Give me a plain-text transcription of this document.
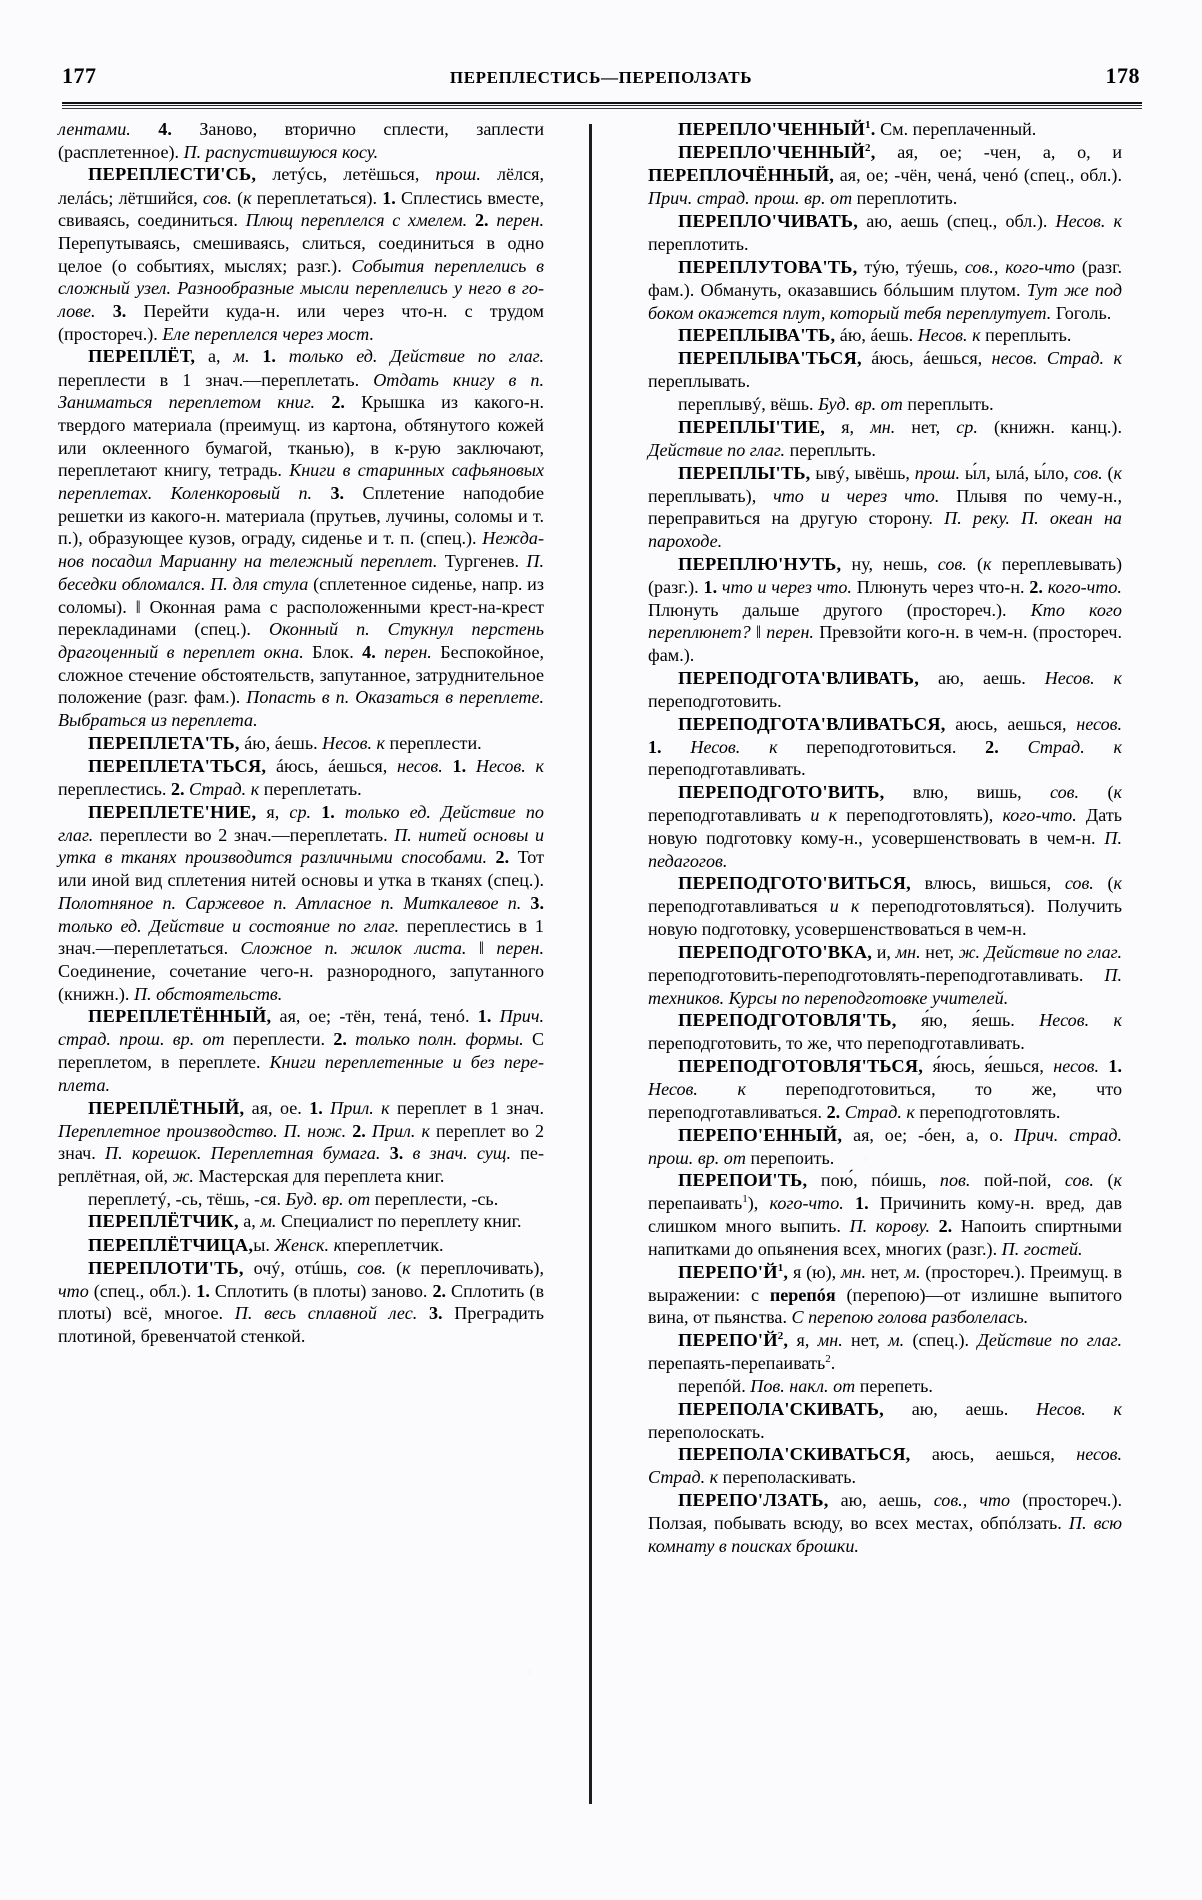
177	ПЕРЕПЛЕСТИСЬ—ПЕРЕПОЛЗАТЬ	178

лентами. 4. Заново, вторично сплести, заплести (расплетенное). П. распустившуюся косу.

ПЕРЕПЛЕСТИ'СЬ, летýсь, летёшься, прош. лёлся, лелáсь; лётшийся, сов. (к переплетаться). 1. Сплестись вместе, свиваясь, соединиться. Плющ переплелся с хмелем. 2. перен. Перепутываясь, смешиваясь, слиться, соединиться в одно целое (о событиях, мыслях; разг.). События переплелись в сложный узел. Разнообразные мысли переплелись у него в голове. 3. Перейти куда-н. или через что-н. с трудом (простореч.). Еле переплелся через мост.

ПЕРЕПЛЁТ, а, м. 1. только ед. Действие по глаг. переплести в 1 знач.—переплетать. Отдать книгу в п. Заниматься переплетом книг. 2. Крышка из какого-н. твердого материала (преимущ. из картона, обтянутого кожей или оклеенного бумагой, тканью), в к-рую заключают, переплетают книгу, тетрадь. Книги в старинных сафьяновых переплетах. Коленкоровый п. 3. Сплетение наподобие решетки из какого-н. материала (прутьев, лучины, соломы и т. п.), образующее кузов, ограду, сиденье и т. п. (спец.). Нежданов посадил Марианну на тележный переплет. Тургенев. П. беседки обломался. П. для стула (сплетенное сиденье, напр. из соломы). ‖ Оконная рама с расположенными крест-на-крест перекладинами (спец.). Оконный п. Стукнул перстень драгоценный в переплет окна. Блок. 4. перен. Беспокойное, сложное стечение обстоятельств, запутанное, затруднительное положение (разг. фам.). Попасть в п. Оказаться в переплете. Выбраться из переплета.

ПЕРЕПЛЕТА'ТЬ, áю, áешь. Несов. к переплести.

ПЕРЕПЛЕТА'ТЬСЯ, áюсь, áешься, несов. 1. Несов. к переплестись. 2. Страд. к переплетать.

ПЕРЕПЛЕТЕ'НИЕ, я, ср. 1. только ед. Действие по глаг. переплести во 2 знач.—переплетать. П. нитей основы и утка в тканях производится различными способами. 2. Тот или иной вид сплетения нитей основы и утка в тканях (спец.). Полотняное п. Саржевое п. Атласное п. Миткалевое п. 3. только ед. Действие и состояние по глаг. переплестись в 1 знач.—переплетаться. Сложное п. жилок листа. ‖ перен. Соединение, сочетание чего-н. разнородного, запутанного (книжн.). П. обстоятельств.

ПЕРЕПЛЕТЁННЫЙ, ая, ое; -тён, тенá, тенó. 1. Прич. страд. прош. вр. от переплести. 2. только полн. формы. С переплетом, в переплете. Книги переплетенные и без переплета.

ПЕРЕПЛЁТНЫЙ, ая, ое. 1. Прил. к переплет в 1 знач. Переплетное производство. П. нож. 2. Прил. к переплет во 2 знач. П. корешок. Переплетная бумага. 3. в знач. сущ. переплётная, ой, ж. Мастерская для переплета книг.

переплетý, -сь, тёшь, -ся. Буд. вр. от переплести, -сь.

ПЕРЕПЛЁТЧИК, а, м. Специалист по переплету книг.

ПЕРЕПЛЁТЧИЦА,ы. Женск. кпереплетчик.

ПЕРЕПЛОТИ'ТЬ, очý, отúшь, сов. (к переплочивать), что (спец., обл.). 1. Сплотить (в плоты) заново. 2. Сплотить (в плоты) всё, многое. П. весь сплавной лес. 3. Преградить плотиной, бревенчатой стенкой.

ПЕРЕПЛО'ЧЕННЫЙ$^1$. См. переплаченный.

ПЕРЕПЛО'ЧЕННЫЙ$^2$, ая, ое; -чен, а, о, и ПЕРЕПЛОЧЁННЫЙ, ая, ое; -чён, ченá, ченó (спец., обл.). Прич. страд. прош. вр. от переплотить.

ПЕРЕПЛО'ЧИВАТЬ, аю, аешь (спец., обл.). Несов. к переплотить.

ПЕРЕПЛУТОВА'ТЬ, тýю, тýешь, сов., кого-что (разг. фам.). Обмануть, оказавшись бóльшим плутом. Тут же под боком окажется плут, который тебя переплутует. Гоголь.

ПЕРЕПЛЫВА'ТЬ, áю, áешь. Несов. к переплыть.

ПЕРЕПЛЫВА'ТЬСЯ, áюсь, áешься, несов. Страд. к переплывать.

переплывý, вёшь. Буд. вр. от переплыть.

ПЕРЕПЛЫ'ТИЕ, я, мн. нет, ср. (книжн. канц.). Действие по глаг. переплыть.

ПЕРЕПЛЫ'ТЬ, ывý, ывёшь, прош. ы́л, ылá, ы́ло, сов. (к переплывать), что и через что. Плывя по чему-н., переправиться на другую сторону. П. реку. П. океан на пароходе.

ПЕРЕПЛЮ'НУТЬ, ну, нешь, сов. (к переплевывать) (разг.). 1. что и через что. Плюнуть через что-н. 2. кого-что. Плюнуть дальше другого (простореч.). Кто кого переплюнет? ‖ перен. Превзойти кого-н. в чем-н. (простореч. фам.).

ПЕРЕПОДГОТА'ВЛИВАТЬ, аю, аешь. Несов. к переподготовить.

ПЕРЕПОДГОТА'ВЛИВАТЬСЯ, аюсь, аешься, несов. 1. Несов. к переподготовиться. 2. Страд. к переподготавливать.

ПЕРЕПОДГОТО'ВИТЬ, влю, вишь, сов. (к переподготавливать и к переподготовлять), кого-что. Дать новую подготовку кому-н., усовершенствовать в чем-н. П. педагогов.

ПЕРЕПОДГОТО'ВИТЬСЯ, влюсь, вишься, сов. (к переподготавливаться и к переподготовляться). Получить новую подготовку, усовершенствоваться в чем-н.

ПЕРЕПОДГОТО'ВКА, и, мн. нет, ж. Действие по глаг. переподготовить-переподготовлять-переподготавливать. П. техников. Курсы по переподготовке учителей.

ПЕРЕПОДГОТОВЛЯ'ТЬ, я́ю, я́ешь. Несов. к переподготовить, то же, что переподготавливать.

ПЕРЕПОДГОТОВЛЯ'ТЬСЯ, я́юсь, я́ешься, несов. 1. Несов. к переподготовиться, то же, что переподготавливаться. 2. Страд. к переподготовлять.

ПЕРЕПО'ЕННЫЙ, ая, ое; -óен, а, о. Прич. страд. прош. вр. от перепоить.

ПЕРЕПОИ'ТЬ, пою́, пóишь, пов. пой-пой, сов. (к перепаивать$^1$), кого-что. 1. Причинить кому-н. вред, дав слишком много выпить. П. корову. 2. Напоить спиртными напитками до опьянения всех, многих (разг.). П. гостей.

$ПЕРЕПО'Й^1$, я (ю), мн. нет, м. (простореч.). Преимущ. в выражении: с перепóя (перепою)—от излишне выпитого вина, от пьянства. С перепою голова разболелась.

$ПЕРЕПО'Й^2$, я, мн. нет, м. (спец.). Действие по глаг. перепаять-перепаивать$^2$.

перепóй. Пов. накл. от перепеть.

ПЕРЕПОЛА'СКИВАТЬ, аю, аешь. Несов. к переполоскать.

ПЕРЕПОЛА'СКИВАТЬСЯ, аюсь, аешься, несов. Страд. к переполаскивать.

ПЕРЕПО'ЛЗАТЬ, аю, аешь, сов., что (простореч.). Ползая, побывать всюду, во всех местах, обпóлзать. П. всю комнату в поисках брошки.
